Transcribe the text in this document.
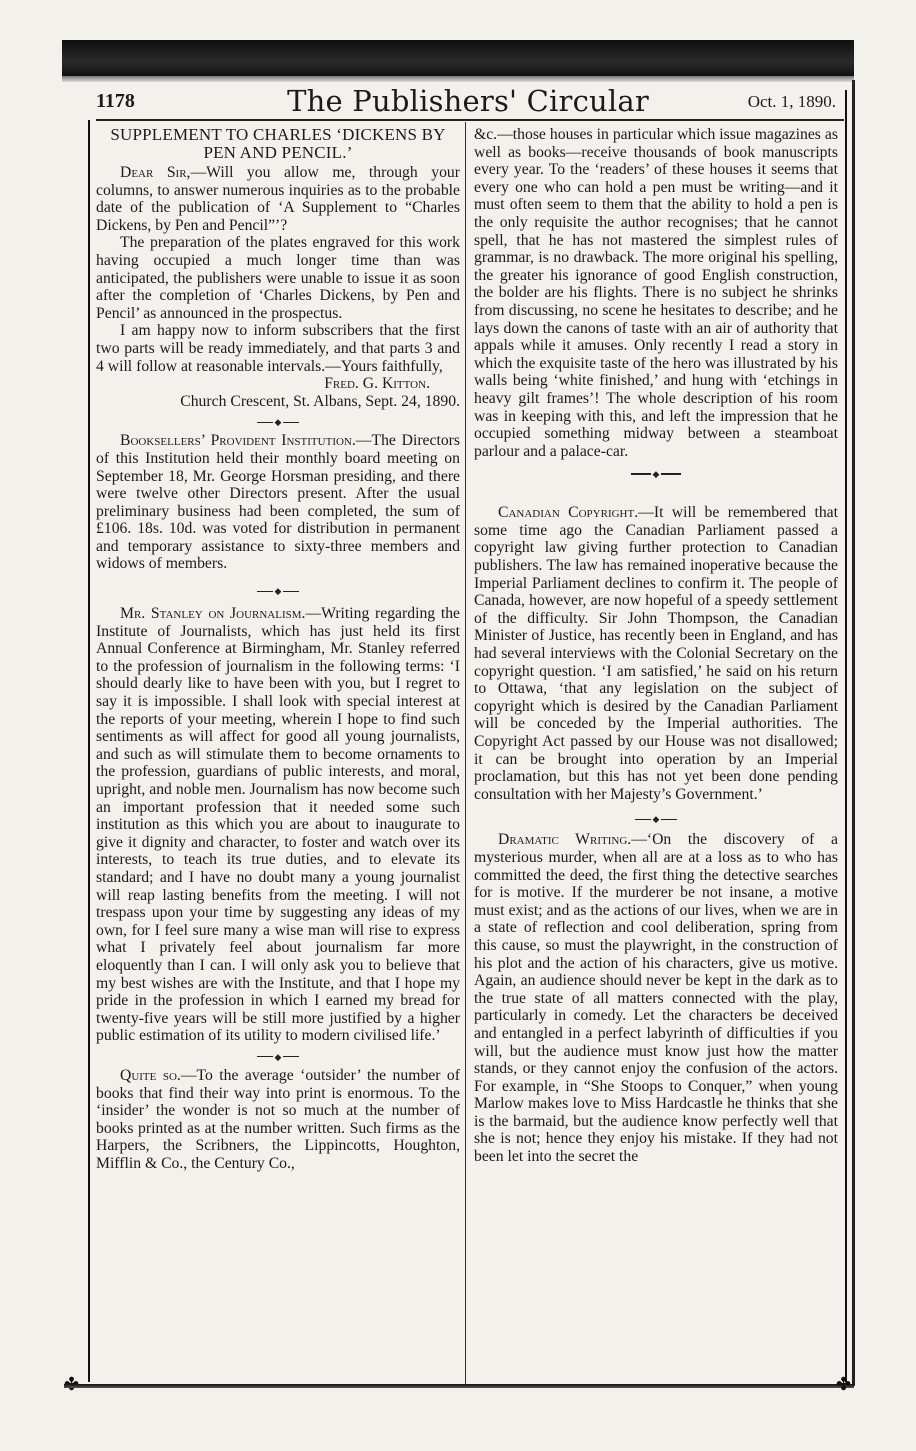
1178	The Publishers' Circular	Oct. 1, 1890.
SUPPLEMENT TO CHARLES ‘DICKENS BY PEN AND PENCIL.’

Dear Sir,—Will you allow me, through your columns, to answer numerous inquiries as to the probable date of the publication of ‘A Supplement to “Charles Dickens, by Pen and Pencil”’?

The preparation of the plates engraved for this work having occupied a much longer time than was anticipated, the publishers were unable to issue it as soon after the completion of ‘Charles Dickens, by Pen and Pencil’ as announced in the prospectus.

I am happy now to inform subscribers that the first two parts will be ready immediately, and that parts 3 and 4 will follow at reasonable intervals.—Yours faithfully,

Fred. G. Kitton.
Church Crescent, St. Albans, Sept. 24, 1890.
◆

Booksellers’ Provident Institution.—The Directors of this Institution held their monthly board meeting on September 18, Mr. George Horsman presiding, and there were twelve other Directors present. After the usual preliminary business had been completed, the sum of £106. 18s. 10d. was voted for distribution in permanent and temporary assistance to sixty-three members and widows of members.

◆

Mr. Stanley on Journalism.—Writing regarding the Institute of Journalists, which has just held its first Annual Conference at Birmingham, Mr. Stanley referred to the profession of journalism in the following terms: ‘I should dearly like to have been with you, but I regret to say it is impossible. I shall look with special interest at the reports of your meeting, wherein I hope to find such sentiments as will affect for good all young journalists, and such as will stimulate them to become ornaments to the profession, guardians of public interests, and moral, upright, and noble men. Journalism has now become such an important profession that it needed some such institution as this which you are about to inaugurate to give it dignity and character, to foster and watch over its interests, to teach its true duties, and to elevate its standard; and I have no doubt many a young journalist will reap lasting benefits from the meeting. I will not trespass upon your time by suggesting any ideas of my own, for I feel sure many a wise man will rise to express what I privately feel about journalism far more eloquently than I can. I will only ask you to believe that my best wishes are with the Institute, and that I hope my pride in the profession in which I earned my bread for twenty-five years will be still more justified by a higher public estimation of its utility to modern civilised life.’

◆

Quite so.—To the average ‘outsider’ the number of books that find their way into print is enormous. To the ‘insider’ the wonder is not so much at the number of books printed as at the number written. Such firms as the Harpers, the Scribners, the Lippincotts, Houghton, Mifflin & Co., the Century Co.,

&c.—those houses in particular which issue magazines as well as books—receive thousands of book manuscripts every year. To the ‘readers’ of these houses it seems that every one who can hold a pen must be writing—and it must often seem to them that the ability to hold a pen is the only requisite the author recognises; that he cannot spell, that he has not mastered the simplest rules of grammar, is no drawback. The more original his spelling, the greater his ignorance of good English construction, the bolder are his flights. There is no subject he shrinks from discussing, no scene he hesitates to describe; and he lays down the canons of taste with an air of authority that appals while it amuses. Only recently I read a story in which the exquisite taste of the hero was illustrated by his walls being ‘white finished,’ and hung with ‘etchings in heavy gilt frames’! The whole description of his room was in keeping with this, and left the impression that he occupied something midway between a steamboat parlour and a palace-car.

◆

Canadian Copyright.—It will be remembered that some time ago the Canadian Parliament passed a copyright law giving further protection to Canadian publishers. The law has remained inoperative because the Imperial Parliament declines to confirm it. The people of Canada, however, are now hopeful of a speedy settlement of the difficulty. Sir John Thompson, the Canadian Minister of Justice, has recently been in England, and has had several interviews with the Colonial Secretary on the copyright question. ‘I am satisfied,’ he said on his return to Ottawa, ‘that any legislation on the subject of copyright which is desired by the Canadian Parliament will be conceded by the Imperial authorities. The Copyright Act passed by our House was not disallowed; it can be brought into operation by an Imperial proclamation, but this has not yet been done pending consultation with her Majesty’s Government.’

◆

Dramatic Writing.—‘On the discovery of a mysterious murder, when all are at a loss as to who has committed the deed, the first thing the detective searches for is motive. If the murderer be not insane, a motive must exist; and as the actions of our lives, when we are in a state of reflection and cool deliberation, spring from this cause, so must the playwright, in the construction of his plot and the action of his characters, give us motive. Again, an audience should never be kept in the dark as to the true state of all matters connected with the play, particularly in comedy. Let the characters be deceived and entangled in a perfect labyrinth of difficulties if you will, but the audience must know just how the matter stands, or they cannot enjoy the confusion of the actors. For example, in “She Stoops to Conquer,” when young Marlow makes love to Miss Hardcastle he thinks that she is the barmaid, but the audience know perfectly well that she is not; hence they enjoy his mistake. If they had not been let into the secret the

✤
